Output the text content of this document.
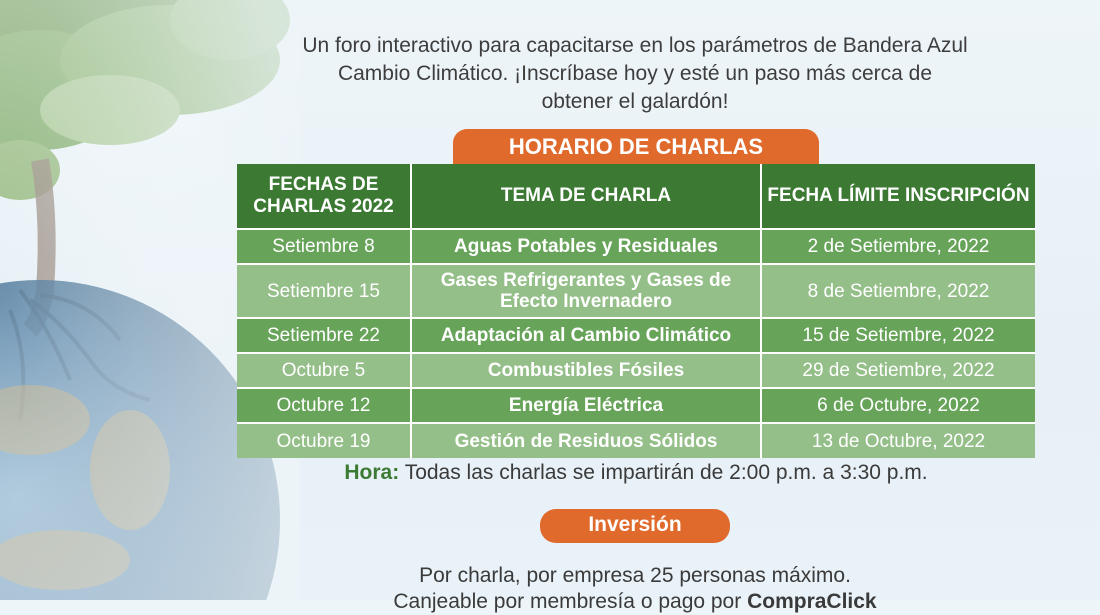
Un foro interactivo para capacitarse en los parámetros de Bandera Azul Cambio Climático. ¡Inscríbase hoy y esté un paso más cerca de obtener el galardón!
HORARIO DE CHARLAS
FECHAS DE CHARLAS 2022	TEMA DE CHARLA	FECHA LÍMITE INSCRIPCIÓN
Setiembre 8	Aguas Potables y Residuales	2 de Setiembre, 2022
Setiembre 15	Gases Refrigerantes y Gases de Efecto Invernadero	8 de Setiembre, 2022
Setiembre 22	Adaptación al Cambio Climático	15 de Setiembre, 2022
Octubre 5	Combustibles Fósiles	29 de Setiembre, 2022
Octubre 12	Energía Eléctrica	6 de Octubre, 2022
Octubre 19	Gestión de Residuos Sólidos	13 de Octubre, 2022
Hora: Todas las charlas se impartirán de 2:00 p.m. a 3:30 p.m.
Inversión
Por charla, por empresa 25 personas máximo.
Canjeable por membresía o pago por CompraClick
